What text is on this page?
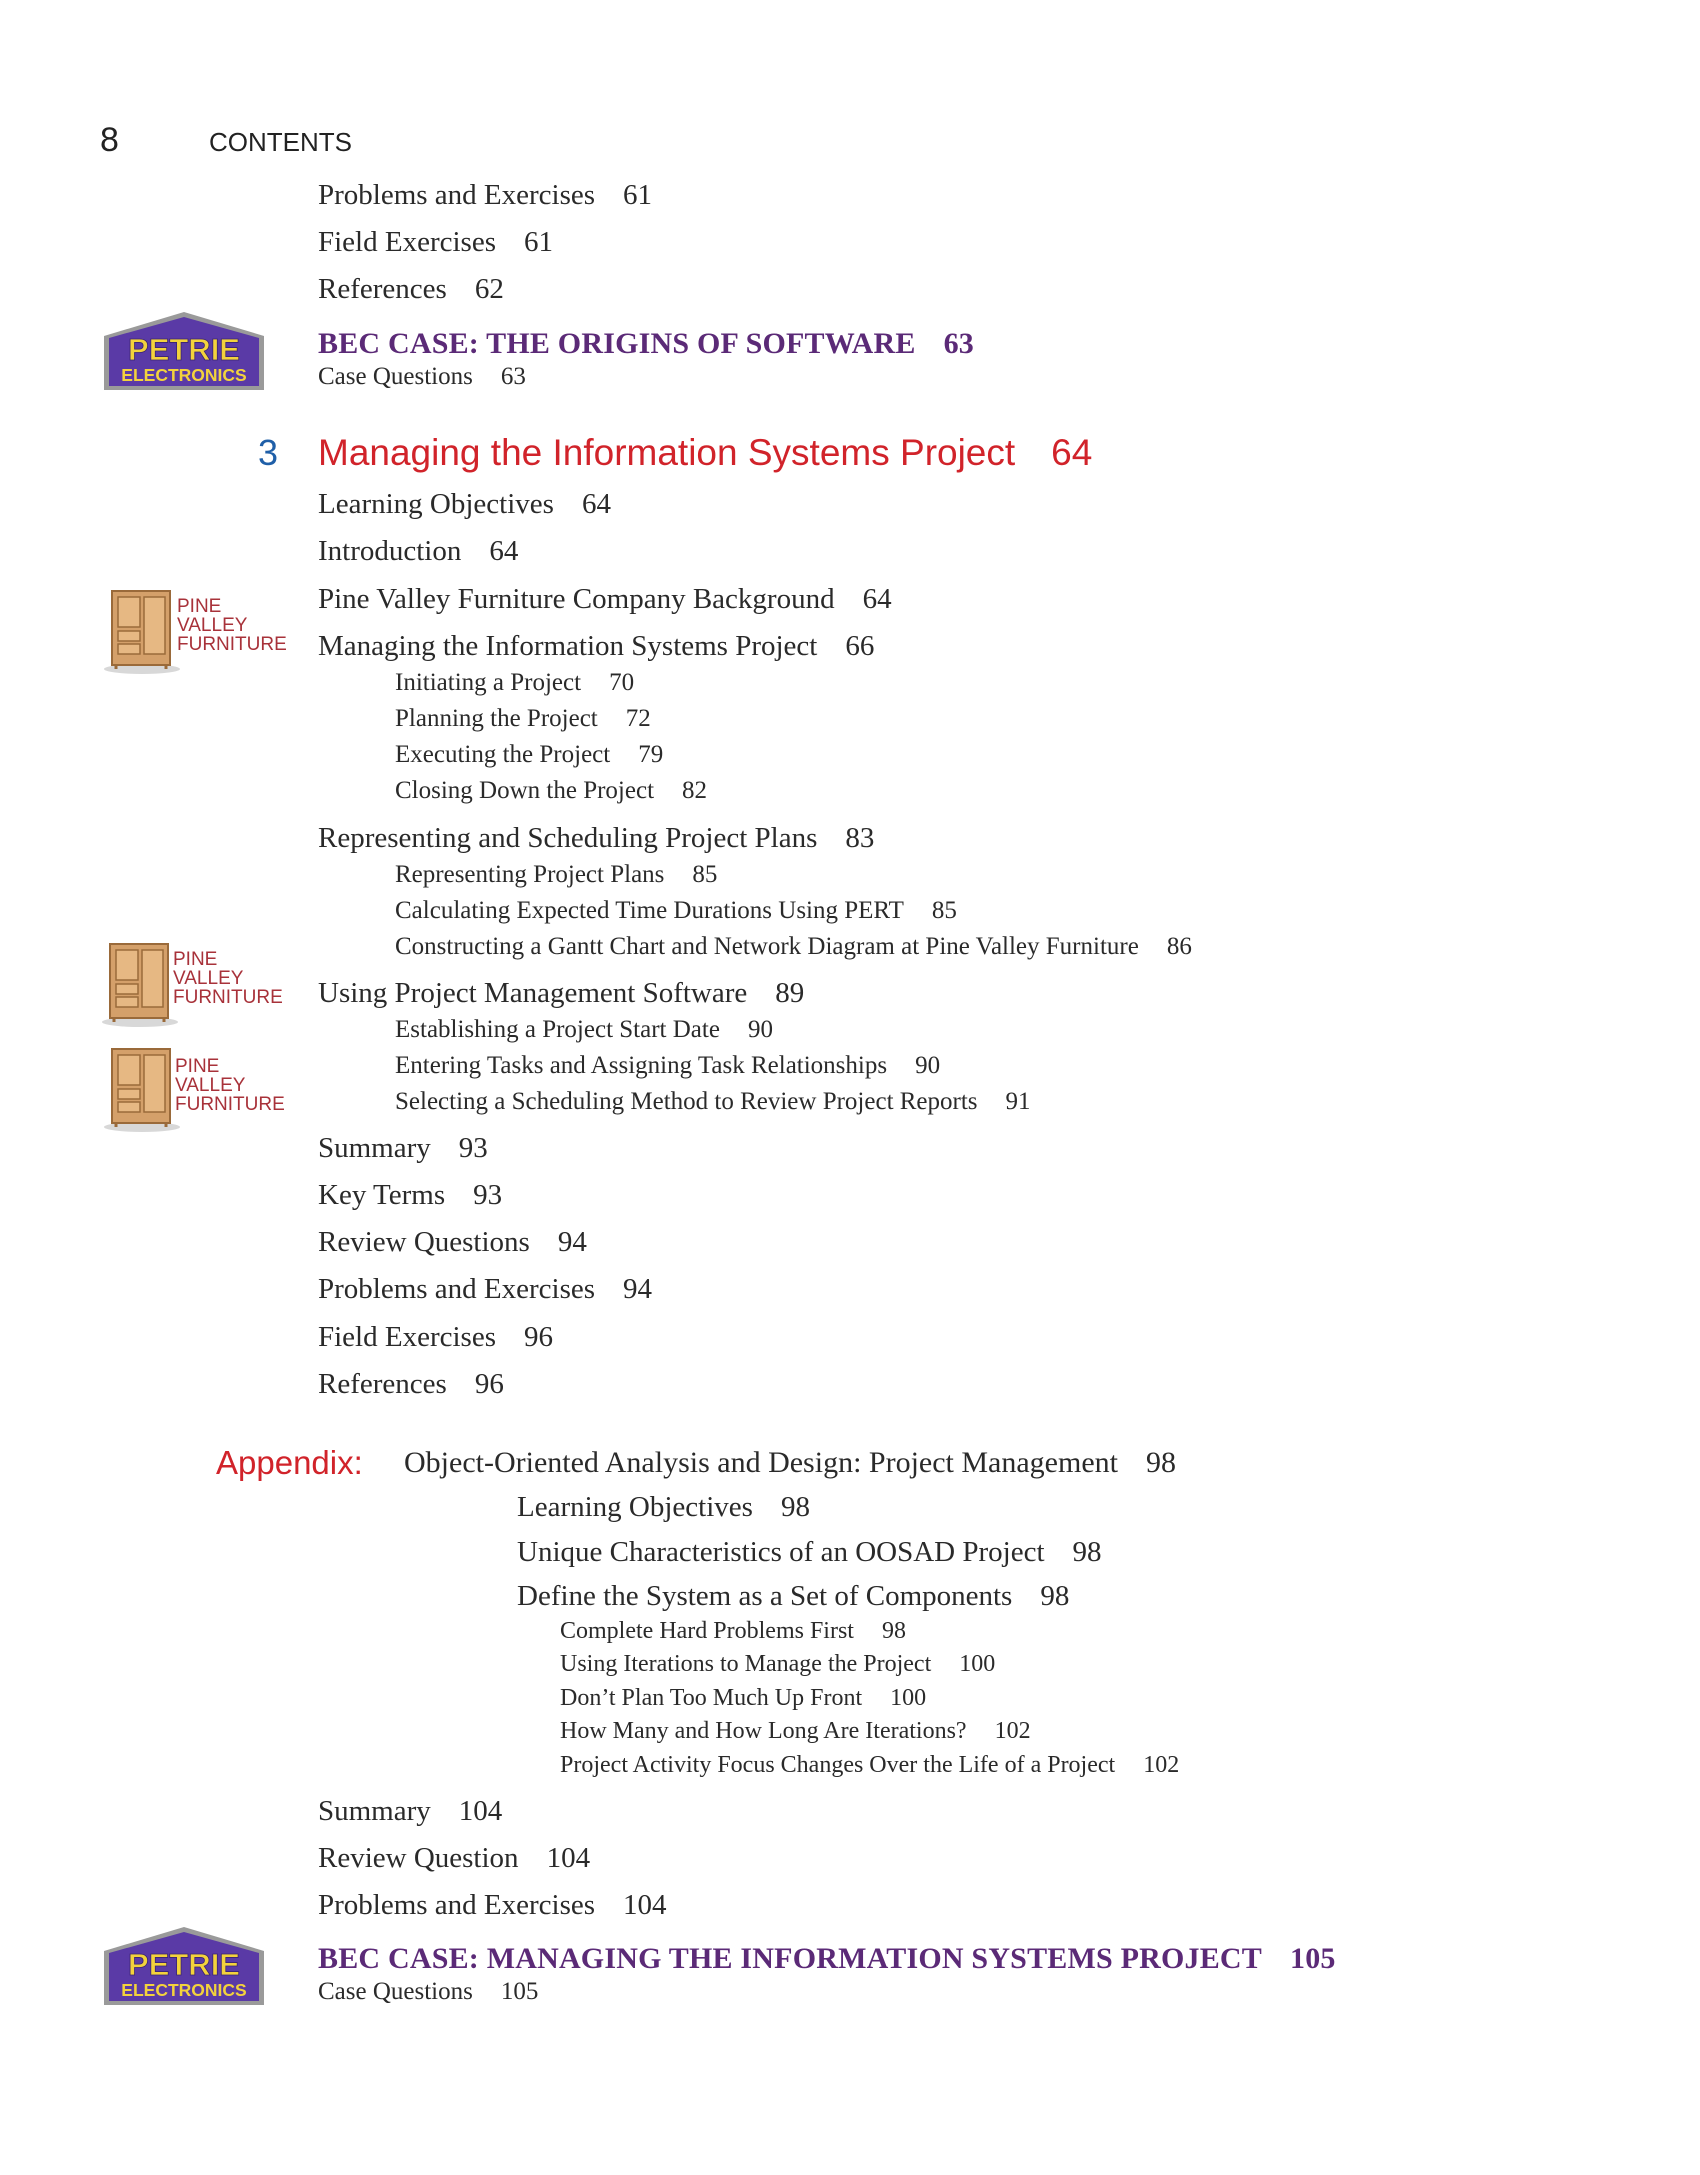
8	CONTENTS
Problems and Exercises 61
Field Exercises 61
References 62
PETRIE
ELECTRONICS
BEC CASE: THE ORIGINS OF SOFTWARE 63
Case Questions 63
3 Managing the Information Systems Project 64
Learning Objectives 64
Introduction 64
Pine Valley Furniture Company Background 64
Managing the Information Systems Project 66
Initiating a Project 70
Planning the Project 72
Executing the Project 79
Closing Down the Project 82
Representing and Scheduling Project Plans 83
Representing Project Plans 85
Calculating Expected Time Durations Using PERT 85
Constructing a Gantt Chart and Network Diagram at Pine Valley Furniture 86
Using Project Management Software 89
Establishing a Project Start Date 90
Entering Tasks and Assigning Task Relationships 90
Selecting a Scheduling Method to Review Project Reports 91
Summary 93
Key Terms 93
Review Questions 94
Problems and Exercises 94
Field Exercises 96
References 96
PINE
VALLEY
FURNITURE
PINE
VALLEY
FURNITURE
PINE
VALLEY
FURNITURE
Appendix: Object-Oriented Analysis and Design: Project Management 98
Learning Objectives 98
Unique Characteristics of an OOSAD Project 98
Define the System as a Set of Components 98
Complete Hard Problems First 98
Using Iterations to Manage the Project 100
Don’t Plan Too Much Up Front 100
How Many and How Long Are Iterations? 102
Project Activity Focus Changes Over the Life of a Project 102
Summary 104
Review Question 104
Problems and Exercises 104
PETRIE
ELECTRONICS
BEC CASE: MANAGING THE INFORMATION SYSTEMS PROJECT 105
Case Questions 105
